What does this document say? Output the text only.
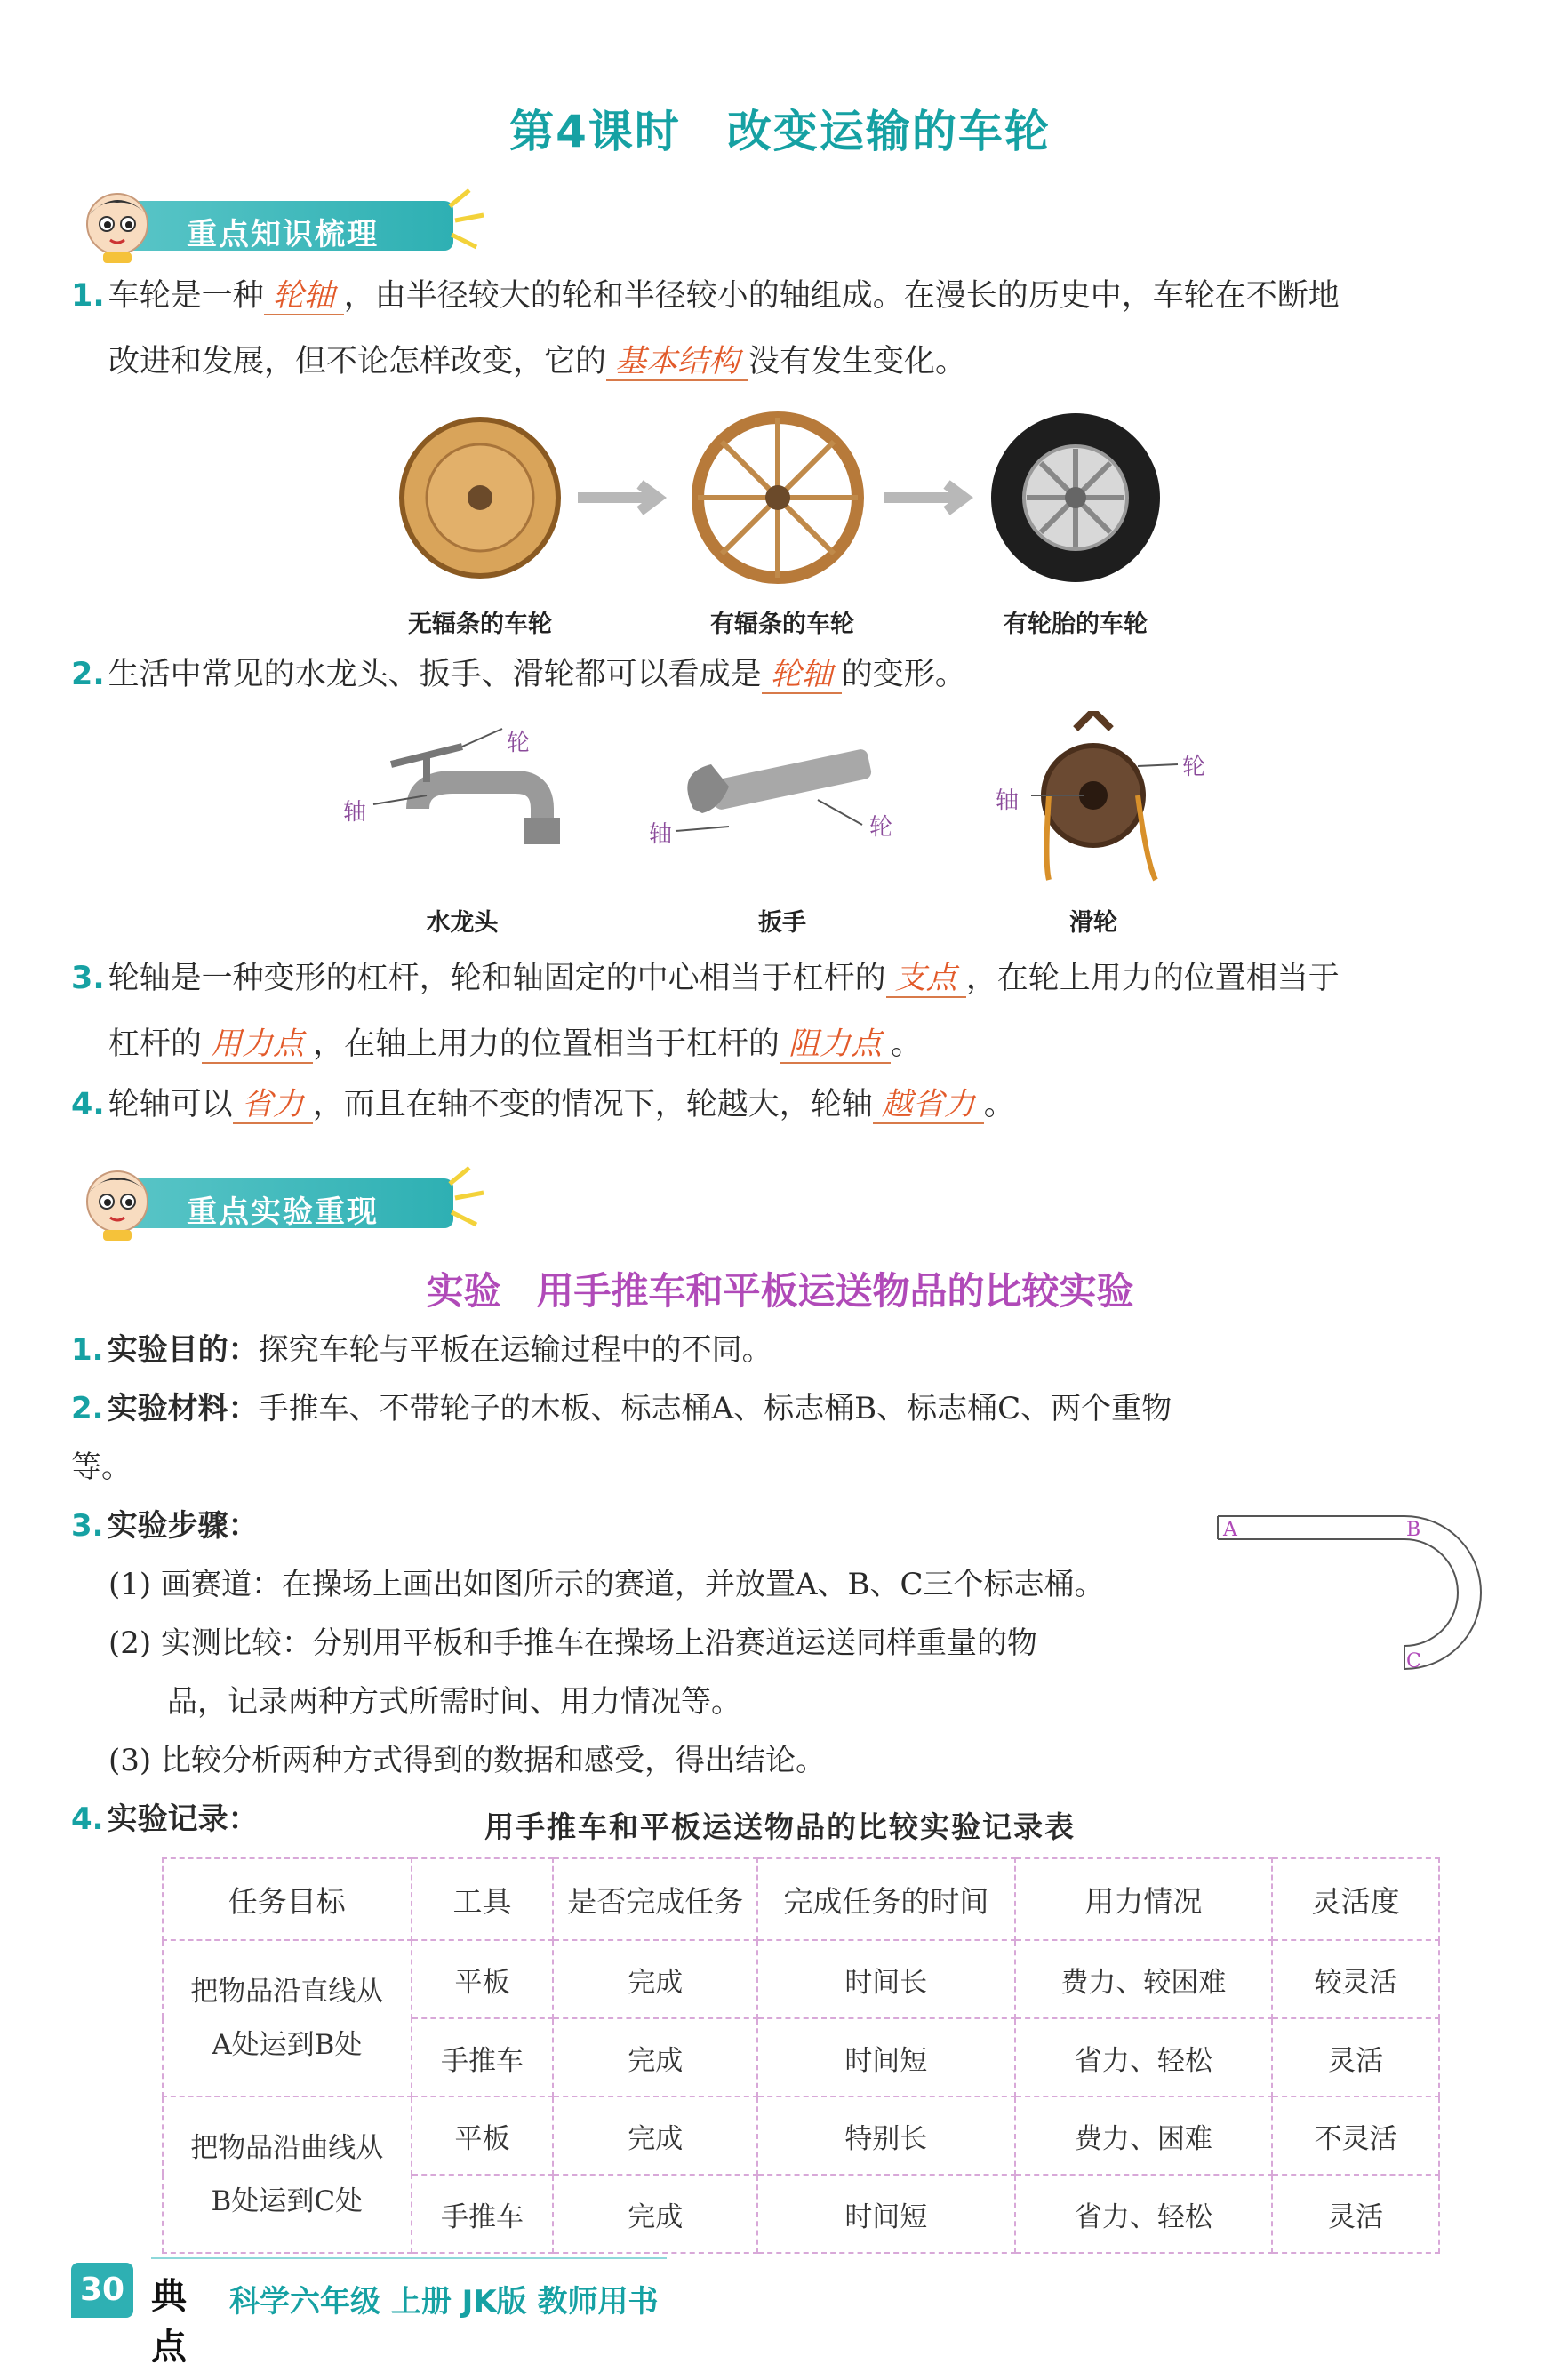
第4课时 改变运输的车轮
重点知识梳理
1. 车轮是一种 轮轴 ，由半径较大的轮和半径较小的轴组成。在漫长的历史中，车轮在不断地
改进和发展，但不论怎样改变，它的 基本结构 没有发生变化。
无辐条的车轮	有辐条的车轮	有轮胎的车轮
2. 生活中常见的水龙头、扳手、滑轮都可以看成是 轮轴 的变形。
轮
轴
轴	轮
轴
轮
水龙头	扳手	滑轮
3. 轮轴是一种变形的杠杆，轮和轴固定的中心相当于杠杆的 支点 ，在轮上用力的位置相当于
杠杆的 用力点 ，在轴上用力的位置相当于杠杆的 阻力点 。
4. 轮轴可以 省力 ，而且在轴不变的情况下，轮越大，轮轴 越省力 。
重点实验重现
实验 用手推车和平板运送物品的比较实验
1. 实验目的：探究车轮与平板在运输过程中的不同。
2. 实验材料：手推车、不带轮子的木板、标志桶A、标志桶B、标志桶C、两个重物等。
3. 实验步骤：
(1) 画赛道：在操场上画出如图所示的赛道，并放置A、B、C三个标志桶。
(2) 实测比较：分别用平板和手推车在操场上沿赛道运送同样重量的物
品，记录两种方式所需时间、用力情况等。
(3) 比较分析两种方式得到的数据和感受，得出结论。
4. 实验记录：
A	B
C
用手推车和平板运送物品的比较实验记录表
任务目标	工具	是否完成任务	完成任务的时间	用力情况	灵活度

把物品沿直线从
A处运到B处	平板	完成	时间长	费力、较困难	较灵活
	手推车	完成	时间短	省力、轻松	灵活

把物品沿曲线从
B处运到C处	平板	完成	特别长	费力、困难	不灵活
	手推车	完成	时间短	省力、轻松	灵活
30 典点
科学六年级 上册 JK版 教师用书
